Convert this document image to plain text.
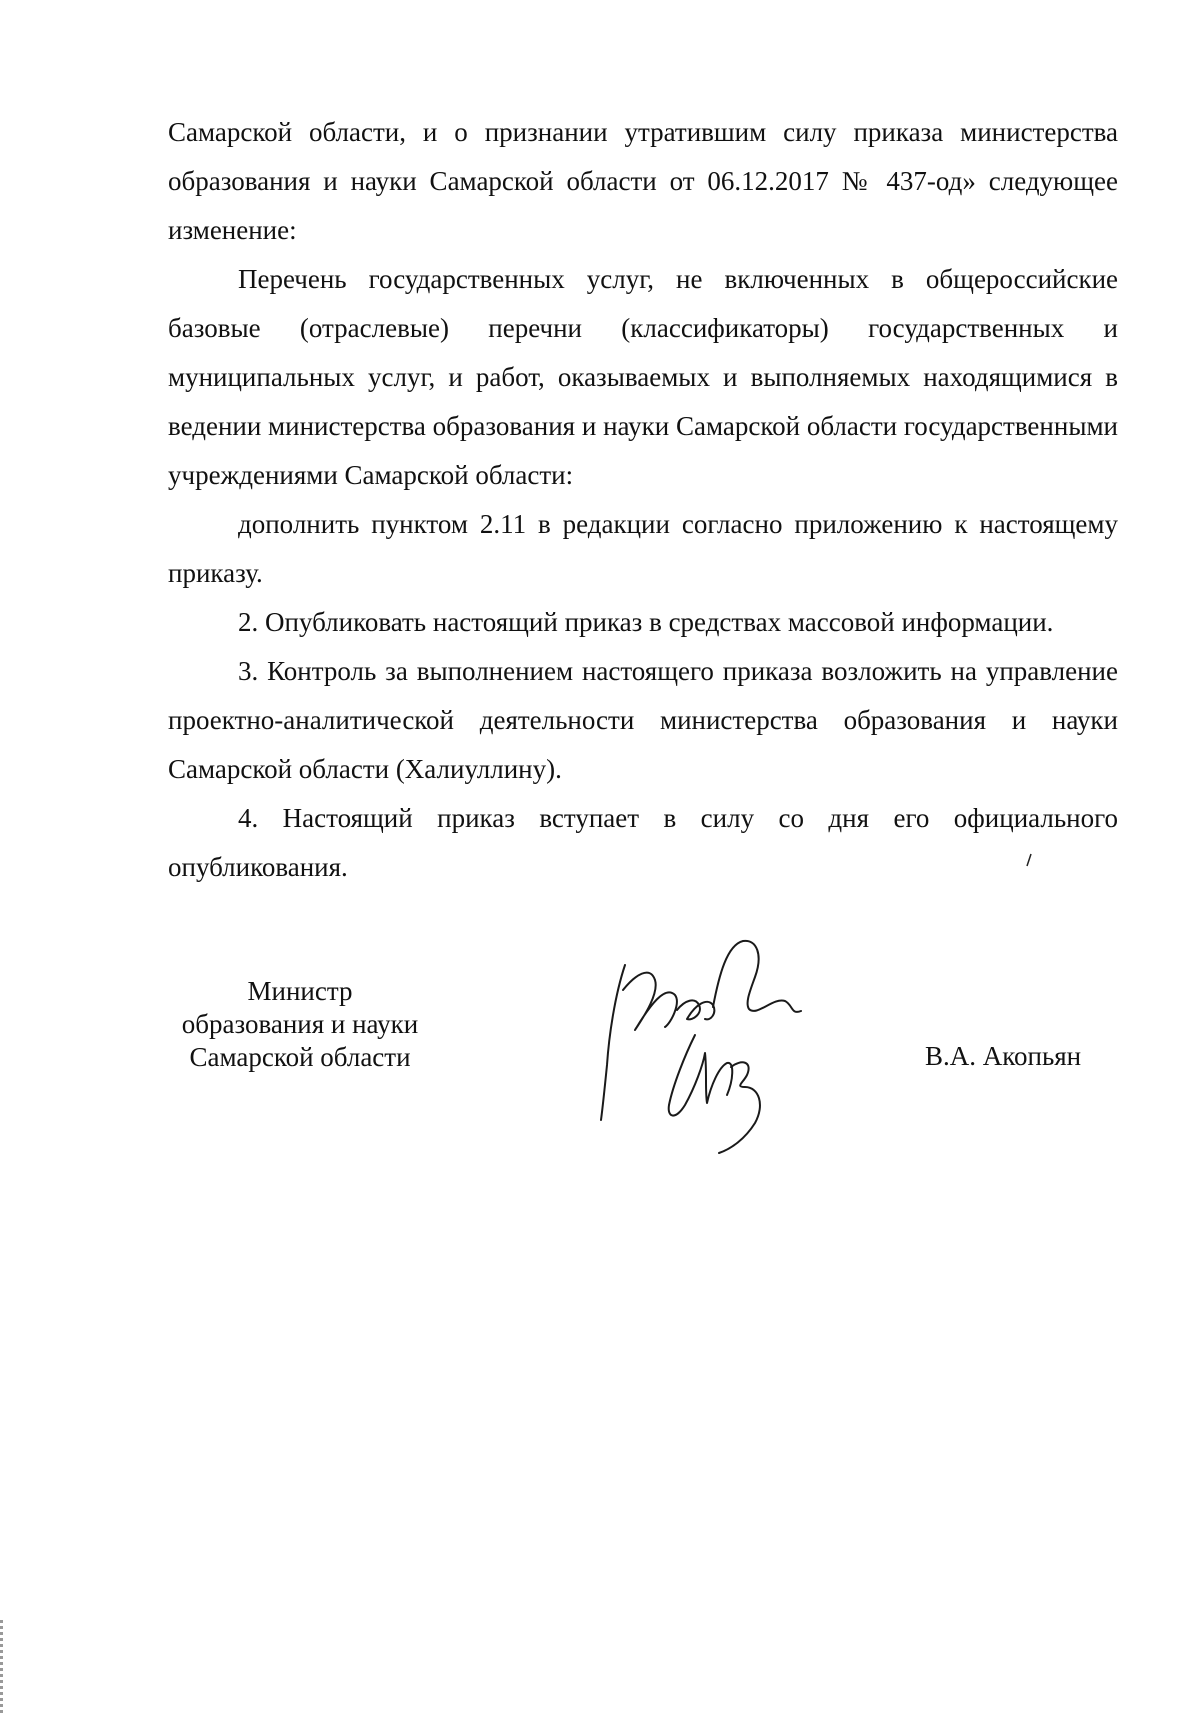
Самарской области, и о признании утратившим силу приказа министерства образования и науки Самарской области от 06.12.2017 № 437-од» следующее изменение:

Перечень государственных услуг, не включенных в общероссийские базовые (отраслевые) перечни (классификаторы) государственных и муниципальных услуг, и работ, оказываемых и выполняемых находящимися в ведении министерства образования и науки Самарской области государственными учреждениями Самарской области:

дополнить пунктом 2.11 в редакции согласно приложению к настоящему приказу.

2. Опубликовать настоящий приказ в средствах массовой информации.

3. Контроль за выполнением настоящего приказа возложить на управление проектно-аналитической деятельности министерства образования и науки Самарской области (Халиуллину).

4. Настоящий приказ вступает в силу со дня его официального опубликования.

Министр
образования и науки
Самарской области	В.А. Акопьян
